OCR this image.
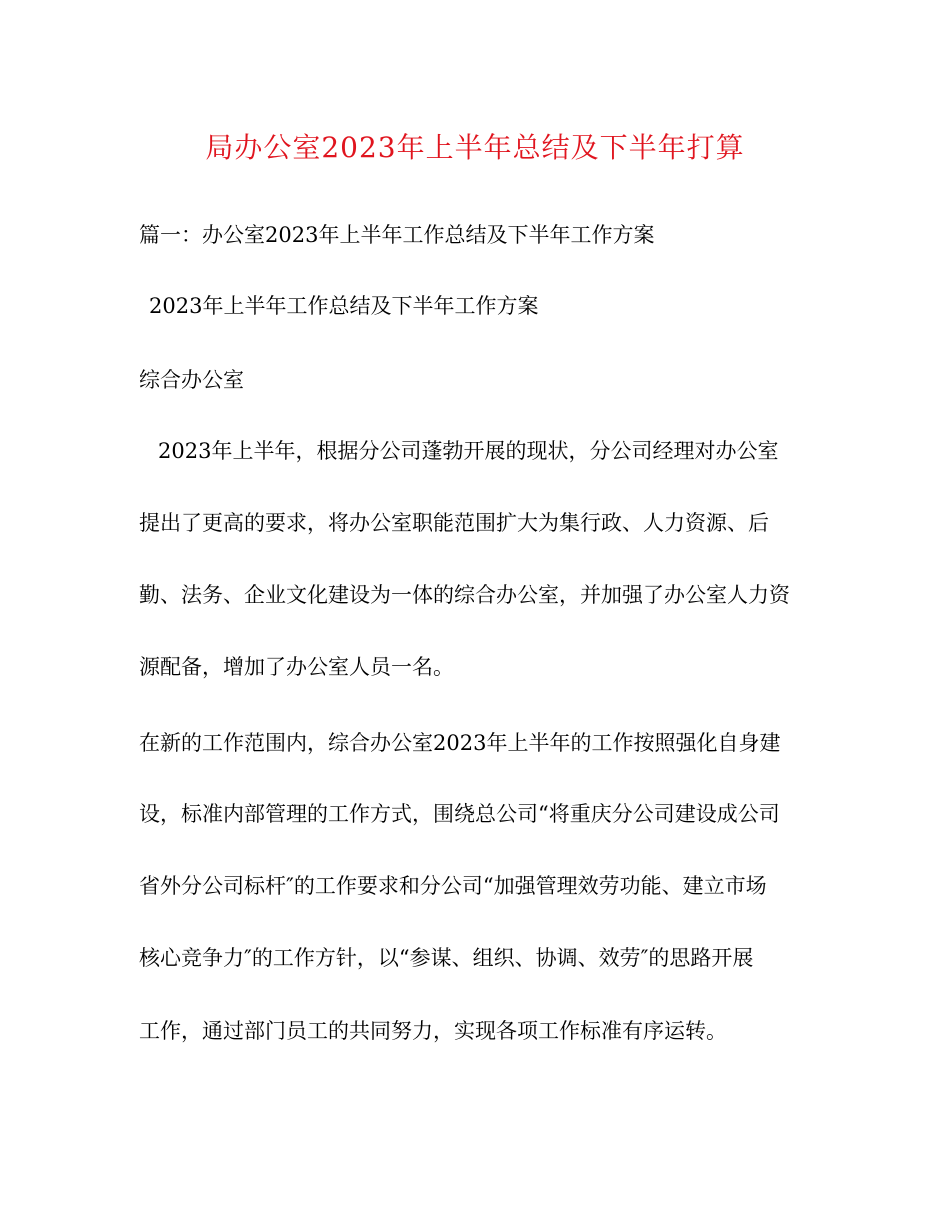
局办公室2023年上半年总结及下半年打算
篇一：办公室2023年上半年工作总结及下半年工作方案
2023年上半年工作总结及下半年工作方案
综合办公室
2023年上半年，根据分公司蓬勃开展的现状，分公司经理对办公室
提出了更高的要求，将办公室职能范围扩大为集行政、人力资源、后
勤、法务、企业文化建设为一体的综合办公室，并加强了办公室人力资
源配备，增加了办公室人员一名。
在新的工作范围内，综合办公室2023年上半年的工作按照强化自身建
设，标准内部管理的工作方式，围绕总公司“将重庆分公司建设成公司
省外分公司标杆″的工作要求和分公司“加强管理效劳功能、建立市场
核心竞争力″的工作方针，以“参谋、组织、协调、效劳″的思路开展
工作，通过部门员工的共同努力，实现各项工作标准有序运转。
